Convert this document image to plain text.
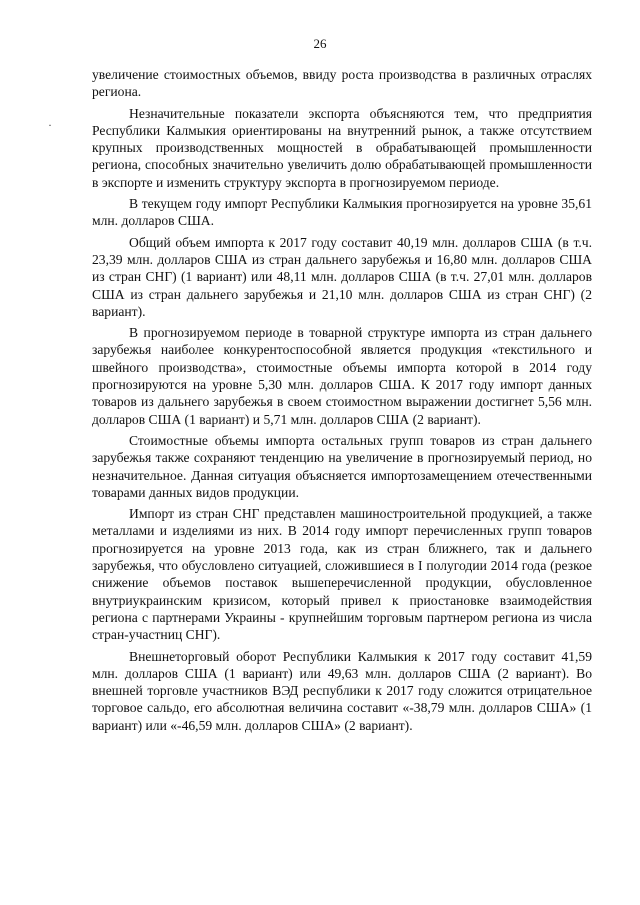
26
·

увеличение стоимостных объемов, ввиду роста производства в различных отраслях региона.

Незначительные показатели экспорта объясняются тем, что предприятия Республики Калмыкия ориентированы на внутренний рынок, а также отсутствием крупных производственных мощностей в обрабатывающей промышленности региона, способных значительно увеличить долю обрабатывающей промышленности в экспорте и изменить структуру экспорта в прогнозируемом периоде.

В текущем году импорт Республики Калмыкия прогнозируется на уровне 35,61 млн. долларов США.

Общий объем импорта к 2017 году составит 40,19 млн. долларов США (в т.ч. 23,39 млн. долларов США из стран дальнего зарубежья и 16,80 млн. долларов США из стран СНГ) (1 вариант) или 48,11 млн. долларов США (в т.ч. 27,01 млн. долларов США из стран дальнего зарубежья и 21,10 млн. долларов США из стран СНГ) (2 вариант).

В прогнозируемом периоде в товарной структуре импорта из стран дальнего зарубежья наиболее конкурентоспособной является продукция «текстильного и швейного производства», стоимостные объемы импорта которой в 2014 году прогнозируются на уровне 5,30 млн. долларов США. К 2017 году импорт данных товаров из дальнего зарубежья в своем стоимостном выражении достигнет 5,56 млн. долларов США (1 вариант) и 5,71 млн. долларов США (2 вариант).

Стоимостные объемы импорта остальных групп товаров из стран дальнего зарубежья также сохраняют тенденцию на увеличение в прогнозируемый период, но незначительное. Данная ситуация объясняется импортозамещением отечественными товарами данных видов продукции.

Импорт из стран СНГ представлен машиностроительной продукцией, а также металлами и изделиями из них. В 2014 году импорт перечисленных групп товаров прогнозируется на уровне 2013 года, как из стран ближнего, так и дальнего зарубежья, что обусловлено ситуацией, сложившиеся в I полугодии 2014 года (резкое снижение объемов поставок вышеперечисленной продукции, обусловленное внутриукраинским кризисом, который привел к приостановке взаимодействия региона с партнерами Украины - крупнейшим торговым партнером региона из числа стран-участниц СНГ).

Внешнеторговый оборот Республики Калмыкия к 2017 году составит 41,59 млн. долларов США (1 вариант) или 49,63 млн. долларов США (2 вариант). Во внешней торговле участников ВЭД республики к 2017 году сложится отрицательное торговое сальдо, его абсолютная величина составит «-38,79 млн. долларов США» (1 вариант) или «-46,59 млн. долларов США» (2 вариант).
